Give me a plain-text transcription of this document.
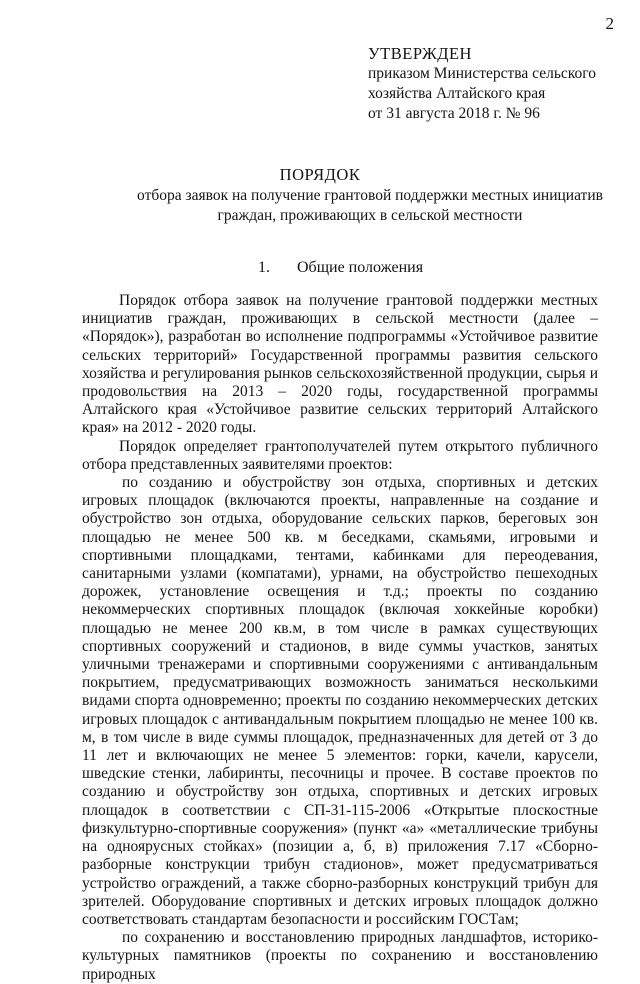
2
УТВЕРЖДЕН
приказом Министерства сельского
хозяйства Алтайского края
от 31 августа 2018 г. № 96
ПОРЯДОК
отбора заявок на получение грантовой поддержки местных инициатив
граждан, проживающих в сельской местности
1. Общие положения

Порядок отбора заявок на получение грантовой поддержки местных инициатив граждан, проживающих в сельской местности (далее – «Порядок»), разработан во исполнение подпрограммы «Устойчивое развитие сельских территорий» Государственной программы развития сельского хозяйства и регулирования рынков сельскохозяйственной продукции, сырья и продовольствия на 2013 – 2020 годы, государственной программы Алтайского края «Устойчивое развитие сельских территорий Алтайского края» на 2012 - 2020 годы.

Порядок определяет грантополучателей путем открытого публичного отбора представленных заявителями проектов:

по созданию и обустройству зон отдыха, спортивных и детских игровых площадок (включаются проекты, направленные на создание и обустройство зон отдыха, оборудование сельских парков, береговых зон площадью не менее 500 кв. м беседками, скамьями, игровыми и спортивными площадками, тентами, кабинками для переодевания, санитарными узлами (компатами), урнами, на обустройство пешеходных дорожек, установление освещения и т.д.; проекты по созданию некоммерческих спортивных площадок (включая хоккейные коробки) площадью не менее 200 кв.м, в том числе в рамках существующих спортивных сооружений и стадионов, в виде суммы участков, занятых уличными тренажерами и спортивными сооружениями с антивандальным покрытием, предусматривающих возможность заниматься несколькими видами спорта одновременно; проекты по созданию некоммерческих детских игровых площадок с антивандальным покрытием площадью не менее 100 кв. м, в том числе в виде суммы площадок, предназначенных для детей от 3 до 11 лет и включающих не менее 5 элементов: горки, качели, карусели, шведские стенки, лабиринты, песочницы и прочее. В составе проектов по созданию и обустройству зон отдыха, спортивных и детских игровых площадок в соответствии с СП-31-115-2006 «Открытые плоскостные физкультурно-спортивные сооружения» (пункт «а» «металлические трибуны на одноярусных стойках» (позиции а, б, в) приложения 7.17 «Сборно-разборные конструкции трибун стадионов», может предусматриваться устройство ограждений, а также сборно-разборных конструкций трибун для зрителей. Оборудование спортивных и детских игровых площадок должно соответствовать стандартам безопасности и российским ГОСТам;

по сохранению и восстановлению природных ландшафтов, историко-культурных памятников (проекты по сохранению и восстановлению природных
